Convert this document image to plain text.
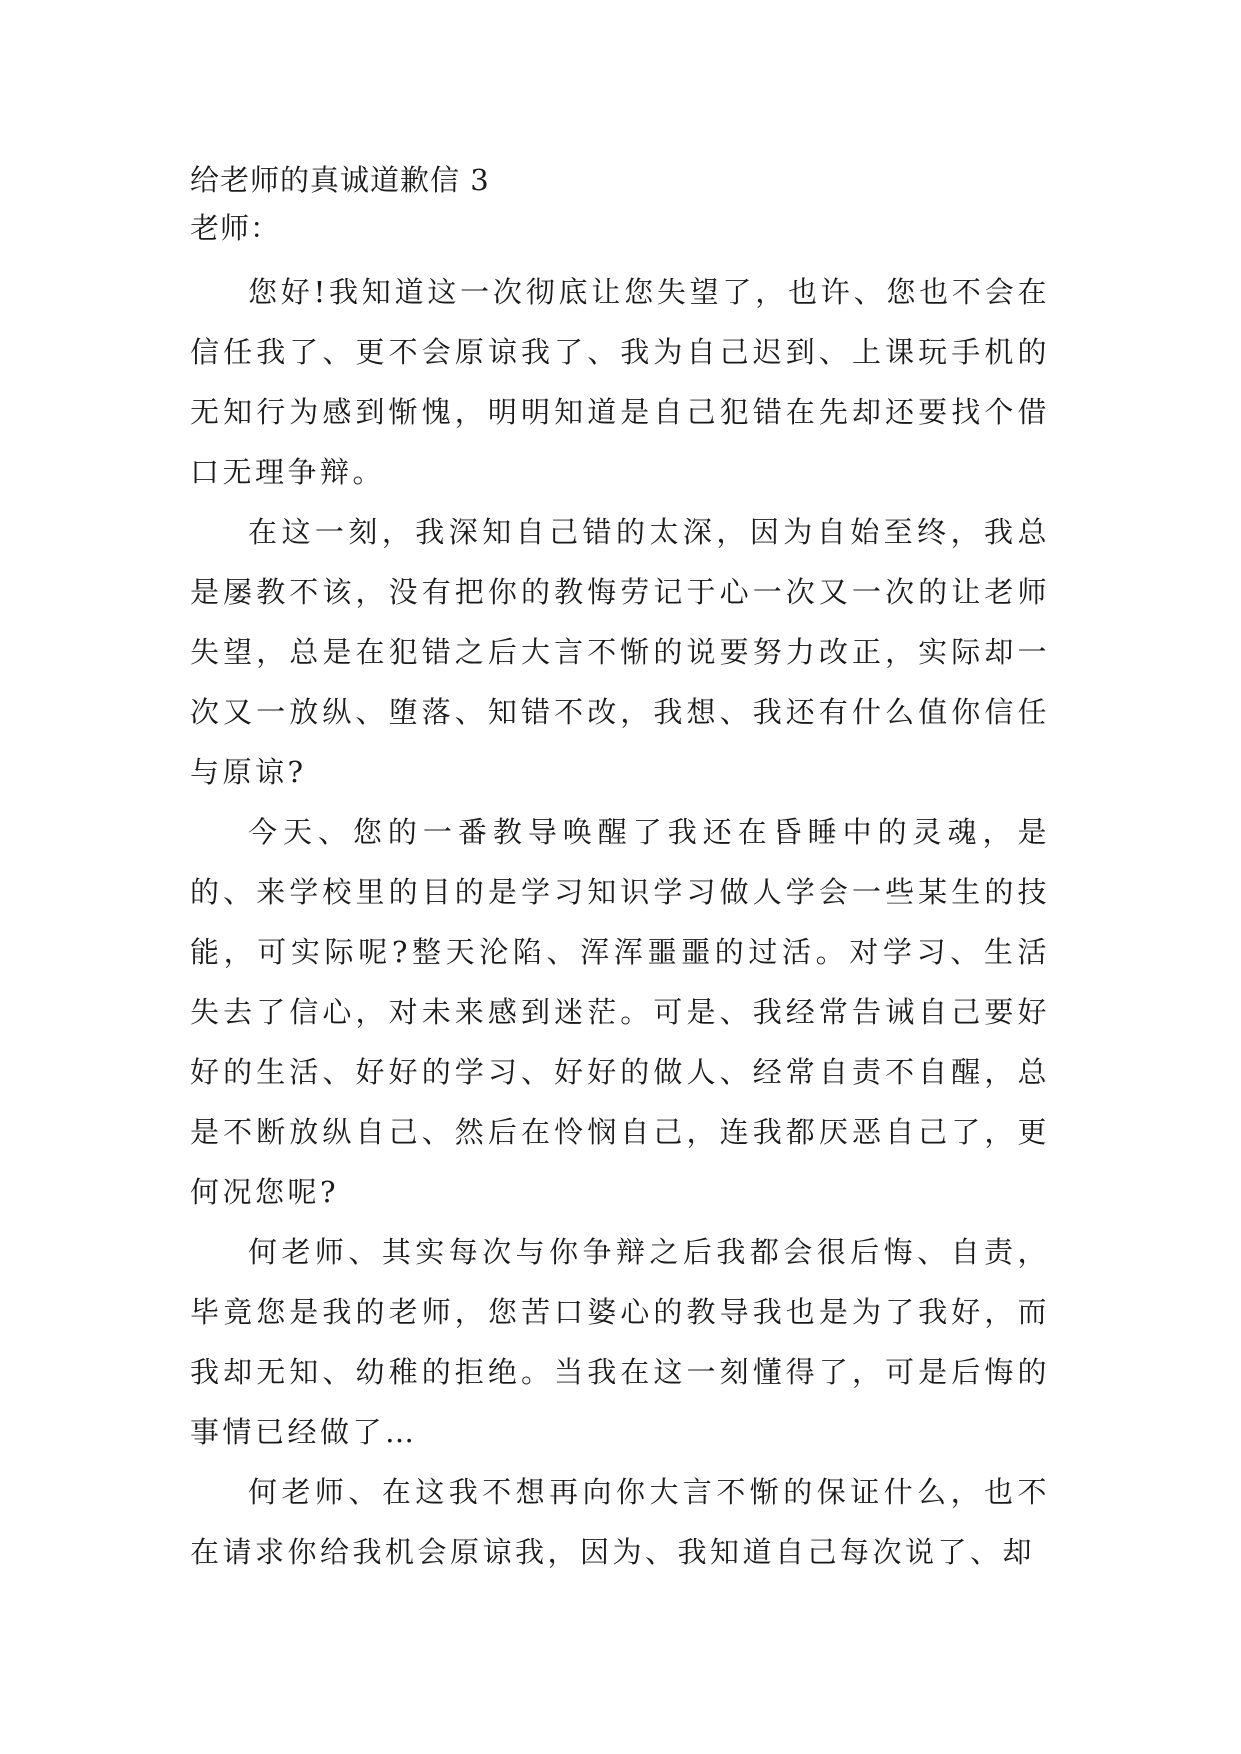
给老师的真诚道歉信 3
老师：

您好!我知道这一次彻底让您失望了，也许、您也不会在信任我了、更不会原谅我了、我为自己迟到、上课玩手机的无知行为感到惭愧，明明知道是自己犯错在先却还要找个借口无理争辩。

在这一刻，我深知自己错的太深，因为自始至终，我总是屡教不该，没有把你的教悔劳记于心一次又一次的让老师失望，总是在犯错之后大言不惭的说要努力改正，实际却一次又一放纵、堕落、知错不改，我想、我还有什么值你信任与原谅?

今天、您的一番教导唤醒了我还在昏睡中的灵魂，是的、来学校里的目的是学习知识学习做人学会一些某生的技能，可实际呢?整天沦陷、浑浑噩噩的过活。对学习、生活失去了信心，对未来感到迷茫。可是、我经常告诫自己要好好的生活、好好的学习、好好的做人、经常自责不自醒，总是不断放纵自己、然后在怜悯自己，连我都厌恶自己了，更何况您呢?

何老师、其实每次与你争辩之后我都会很后悔、自责，毕竟您是我的老师，您苦口婆心的教导我也是为了我好，而我却无知、幼稚的拒绝。当我在这一刻懂得了，可是后悔的事情已经做了…

何老师、在这我不想再向你大言不惭的保证什么，也不在请求你给我机会原谅我，因为、我知道自己每次说了、却
